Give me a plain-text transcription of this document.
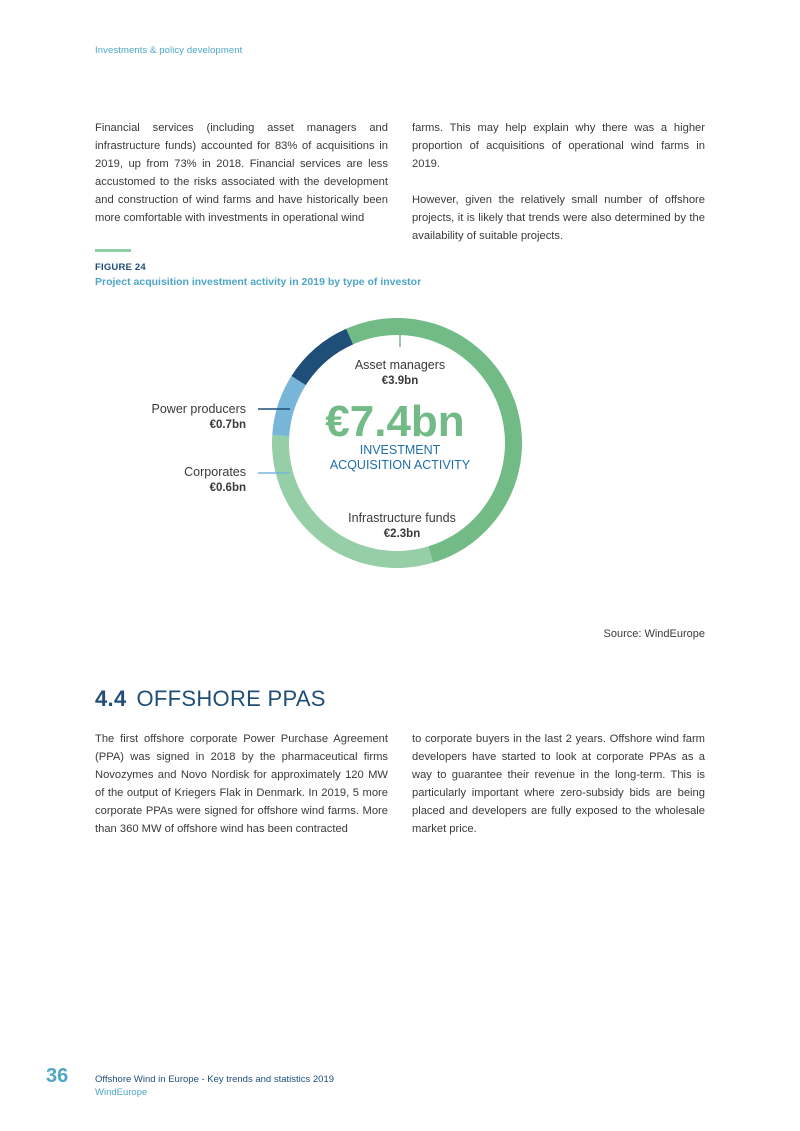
Investments & policy development

Financial services (including asset managers and infrastructure funds) accounted for 83% of acquisitions in 2019, up from 73% in 2018. Financial services are less accustomed to the risks associated with the development and construction of wind farms and have historically been more comfortable with investments in operational wind

farms. This may help explain why there was a higher proportion of acquisitions of operational wind farms in 2019.

However, given the relatively small number of offshore projects, it is likely that trends were also determined by the availability of suitable projects.

FIGURE 24
Project acquisition investment activity in 2019 by type of investor
Asset managers
€3.9bn
Infrastructure funds
€2.3bn
Corporates
€0.6bn
Power producers
€0.7bn €7.4bn
INVESTMENT
ACQUISITION ACTIVITY
Source: WindEurope
4.4 OFFSHORE PPAS

The first offshore corporate Power Purchase Agreement (PPA) was signed in 2018 by the pharmaceutical firms Novozymes and Novo Nordisk for approximately 120 MW of the output of Kriegers Flak in Denmark. In 2019, 5 more corporate PPAs were signed for offshore wind farms. More than 360 MW of offshore wind has been contracted

to corporate buyers in the last 2 years. Offshore wind farm developers have started to look at corporate PPAs as a way to guarantee their revenue in the long-term. This is particularly important where zero-subsidy bids are being placed and developers are fully exposed to the wholesale market price.

36	Offshore Wind in Europe - Key trends and statistics 2019
WindEurope
